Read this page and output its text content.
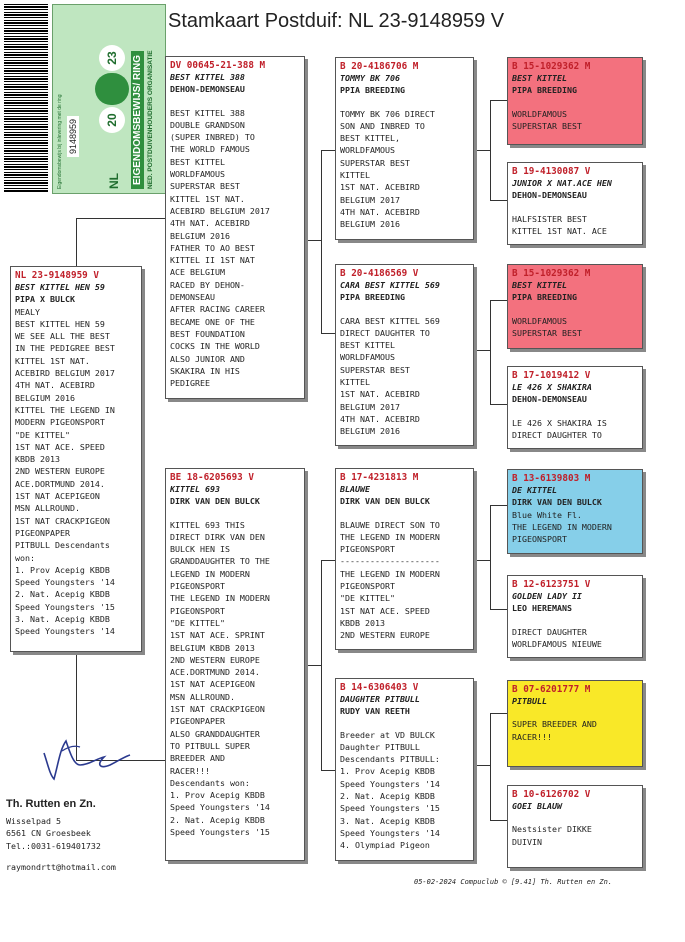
Stamkaart Postduif: NL 23-9148959 V
NED. POSTDUIVENHOUDERS ORGANISATIE
EIGENDOMSBEWIJS/ RING
NL
20
23
9148959
Eigendomsbewijs bij inlevering met de ring
NL 23-9148959 V
BEST KITTEL HEN 59
PIPA X BULCK
MEALY
BEST KITTEL HEN 59
WE SEE ALL THE BEST
IN THE PEDIGREE BEST
KITTEL 1ST NAT.
ACEBIRD BELGIUM 2017
4TH NAT. ACEBIRD
BELGIUM 2016
KITTEL THE LEGEND IN
MODERN PIGEONSPORT
"DE KITTEL"
1ST NAT ACE. SPEED
KBDB 2013
2ND WESTERN EUROPE
ACE.DORTMUND 2014.
1ST NAT ACEPIGEON
MSN ALLROUND.
1ST NAT CRACKPIGEON
PIGEONPAPER
PITBULL Descendants
won:
1. Prov Acepig KBDB
Speed Youngsters '14
2. Nat. Acepig KBDB
Speed Youngsters '15
3. Nat. Acepig KBDB
Speed Youngsters '14
DV 00645-21-388 M
BEST KITTEL 388
DEHON-DEMONSEAU
BEST KITTEL 388
DOUBLE GRANDSON
(SUPER INBRED) TO
THE WORLD FAMOUS
BEST KITTEL
WORLDFAMOUS
SUPERSTAR BEST
KITTEL 1ST NAT.
ACEBIRD BELGIUM 2017
4TH NAT. ACEBIRD
BELGIUM 2016
FATHER TO AO BEST
KITTEL II 1ST NAT
ACE BELGIUM
RACED BY DEHON-
DEMONSEAU
AFTER RACING CAREER
BECAME ONE OF THE
BEST FOUNDATION
COCKS IN THE WORLD
ALSO JUNIOR AND
SKAKIRA IN HIS
PEDIGREE
BE 18-6205693 V
KITTEL 693
DIRK VAN DEN BULCK
KITTEL 693 THIS
DIRECT DIRK VAN DEN
BULCK HEN IS
GRANDDAUGHTER TO THE
LEGEND IN MODERN
PIGEONSPORT
THE LEGEND IN MODERN
PIGEONSPORT
"DE KITTEL"
1ST NAT ACE. SPRINT
BELGIUM KBDB 2013
2ND WESTERN EUROPE
ACE.DORTMUND 2014.
1ST NAT ACEPIGEON
MSN ALLROUND.
1ST NAT CRACKPIGEON
PIGEONPAPER
ALSO GRANDDAUGHTER
TO PITBULL SUPER
BREEDER AND
RACER!!!
Descendants won:
1. Prov Acepig KBDB
Speed Youngsters '14
2. Nat. Acepig KBDB
Speed Youngsters '15
B 20-4186706 M
TOMMY BK 706
PPIA BREEDING
TOMMY BK 706 DIRECT
SON AND INBRED TO
BEST KITTEL,
WORLDFAMOUS
SUPERSTAR BEST
KITTEL
1ST NAT. ACEBIRD
BELGIUM 2017
4TH NAT. ACEBIRD
BELGIUM 2016
B 20-4186569 V
CARA BEST KITTEL 569
PIPA BREEDING
CARA BEST KITTEL 569
DIRECT DAUGHTER TO
BEST KITTEL
WORLDFAMOUS
SUPERSTAR BEST
KITTEL
1ST NAT. ACEBIRD
BELGIUM 2017
4TH NAT. ACEBIRD
BELGIUM 2016
B 17-4231813 M
BLAUWE
DIRK VAN DEN BULCK
BLAUWE DIRECT SON TO
THE LEGEND IN MODERN
PIGEONSPORT
--------------------
THE LEGEND IN MODERN
PIGEONSPORT
"DE KITTEL"
1ST NAT ACE. SPEED
KBDB 2013
2ND WESTERN EUROPE
B 14-6306403 V
DAUGHTER PITBULL
RUDY VAN REETH
Breeder at VD BULCK
Daughter PITBULL
Descendants PITBULL:
1. Prov Acepig KBDB
Speed Youngsters '14
2. Nat. Acepig KBDB
Speed Youngsters '15
3. Nat. Acepig KBDB
Speed Youngsters '14
4. Olympiad Pigeon
B 15-1029362 M
BEST KITTEL
PIPA BREEDING
WORLDFAMOUS
SUPERSTAR BEST
B 19-4130087 V
JUNIOR X NAT.ACE HEN
DEHON-DEMONSEAU
HALFSISTER BEST
KITTEL 1ST NAT. ACE
B 15-1029362 M
BEST KITTEL
PIPA BREEDING
WORLDFAMOUS
SUPERSTAR BEST
B 17-1019412 V
LE 426 X SHAKIRA
DEHON-DEMONSEAU
LE 426 X SHAKIRA IS
DIRECT DAUGHTER TO
B 13-6139803 M
DE KITTEL
DIRK VAN DEN BULCK
Blue White Fl.
THE LEGEND IN MODERN
PIGEONSPORT
B 12-6123751 V
GOLDEN LADY II
LEO HEREMANS
DIRECT DAUGHTER
WORLDFAMOUS NIEUWE
B 07-6201777 M
PITBULL
SUPER BREEDER AND
RACER!!!
B 10-6126702 V
GOEI BLAUW
Nestsister DIKKE
DUIVIN
Th. Rutten en Zn.
Wisselpad 5
6561 CN Groesbeek
Tel.:0031-619401732
raymondrtt@hotmail.com
05-02-2024 Compuclub © [9.41] Th. Rutten en Zn.
